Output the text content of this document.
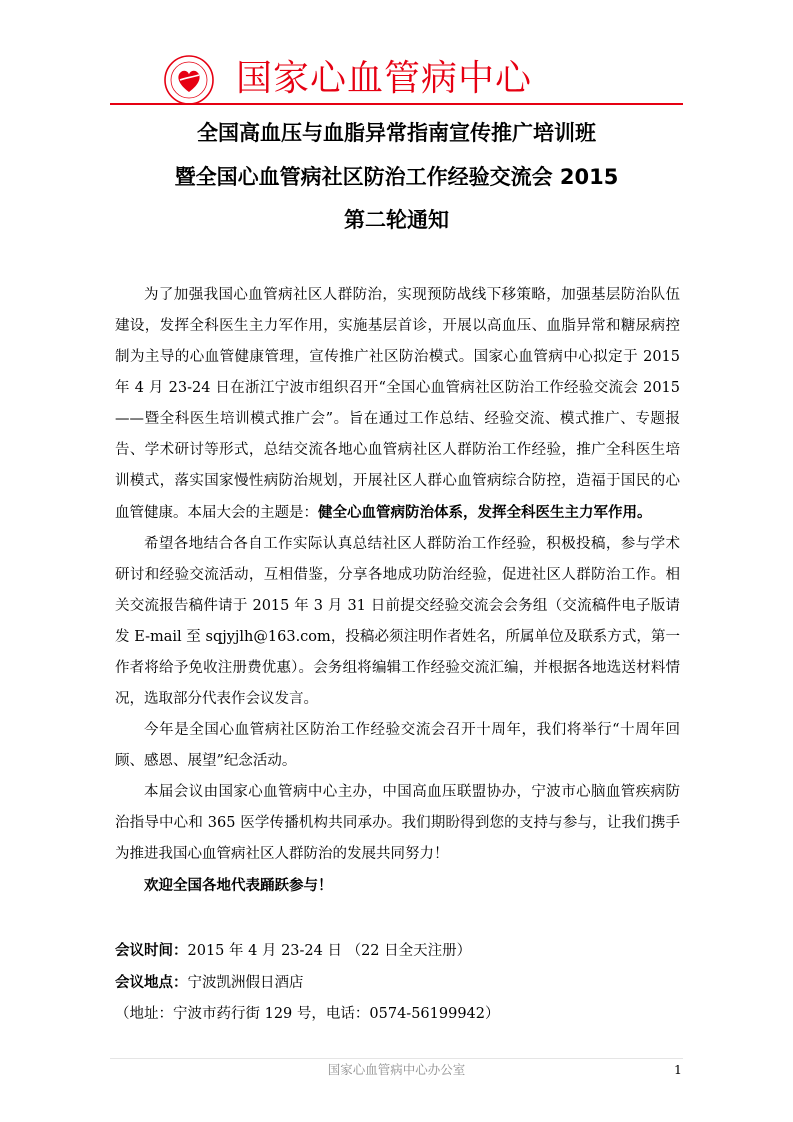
国家心血管病中心
全国高血压与血脂异常指南宣传推广培训班
暨全国心血管病社区防治工作经验交流会 2015
第二轮通知

为了加强我国心血管病社区人群防治，实现预防战线下移策略，加强基层防治队伍建设，发挥全科医生主力军作用，实施基层首诊，开展以高血压、血脂异常和糖尿病控制为主导的心血管健康管理，宣传推广社区防治模式。国家心血管病中心拟定于 2015 年 4 月 23-24 日在浙江宁波市组织召开“全国心血管病社区防治工作经验交流会 2015——暨全科医生培训模式推广会”。旨在通过工作总结、经验交流、模式推广、专题报告、学术研讨等形式，总结交流各地心血管病社区人群防治工作经验，推广全科医生培训模式，落实国家慢性病防治规划，开展社区人群心血管病综合防控，造福于国民的心血管健康。本届大会的主题是：健全心血管病防治体系，发挥全科医生主力军作用。

希望各地结合各自工作实际认真总结社区人群防治工作经验，积极投稿，参与学术研讨和经验交流活动，互相借鉴，分享各地成功防治经验，促进社区人群防治工作。相关交流报告稿件请于 2015 年 3 月 31 日前提交经验交流会会务组（交流稿件电子版请发 E-mail 至 sqjyjlh@163.com，投稿必须注明作者姓名，所属单位及联系方式，第一作者将给予免收注册费优惠）。会务组将编辑工作经验交流汇编，并根据各地选送材料情况，选取部分代表作会议发言。

今年是全国心血管病社区防治工作经验交流会召开十周年，我们将举行“十周年回顾、感恩、展望”纪念活动。

本届会议由国家心血管病中心主办，中国高血压联盟协办，宁波市心脑血管疾病防治指导中心和 365 医学传播机构共同承办。我们期盼得到您的支持与参与，让我们携手为推进我国心血管病社区人群防治的发展共同努力！

欢迎全国各地代表踊跃参与！

会议时间：2015 年 4 月 23-24 日 （22 日全天注册）
会议地点：宁波凯洲假日酒店
（地址：宁波市药行街 129 号，电话：0574-56199942）
国家心血管病中心办公室	1
